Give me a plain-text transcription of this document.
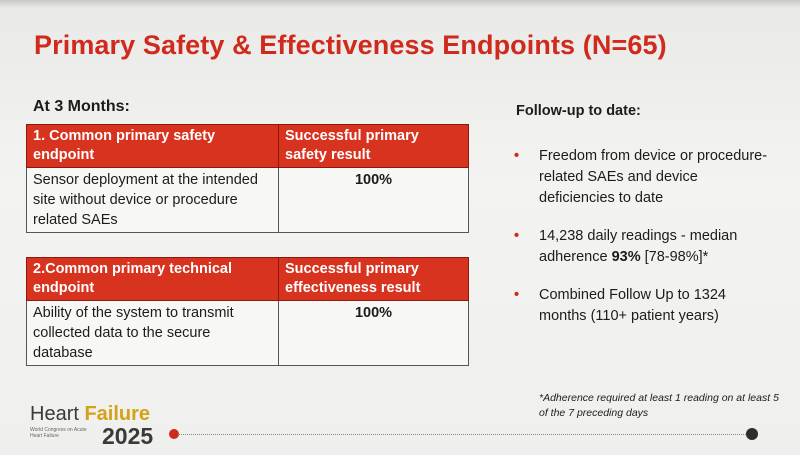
Primary Safety & Effectiveness Endpoints (N=65)
At 3 Months:
1. Common primary safety endpoint	Successful primary safety result
Sensor deployment at the intended site without device or procedure related SAEs	100%
2.Common primary technical endpoint	Successful primary effectiveness result
Ability of the system to transmit collected data to the secure database	100%
Follow-up to date:
• Freedom from device or procedure-related SAEs and device deficiencies to date
• 14,238 daily readings - median adherence 93% [78-98%]*
• Combined Follow Up to 1324 months (110+ patient years)
*Adherence required at least 1 reading on at least 5 of the 7 preceding days
Heart Failure
World Congress on Acute Heart Failure	2025
